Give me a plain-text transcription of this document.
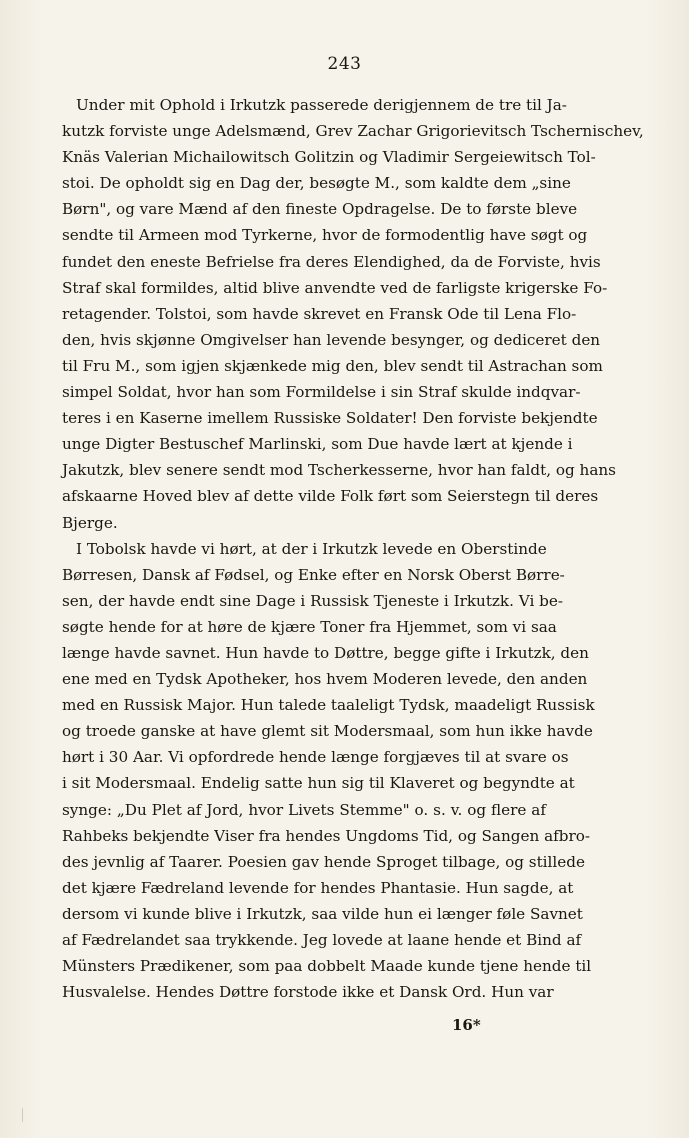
243
Under mit Ophold i Irkutzk passerede derigjennem de tre til Ja-
kutzk forviste unge Adelsmænd, Grev Zachar Grigorievitsch Tschernischev,
Knäs Valerian Michailowitsch Golitzin og Vladimir Sergeiewitsch Tol-
stoi. De opholdt sig en Dag der, besøgte M., som kaldte dem „sine
Børn", og vare Mænd af den fineste Opdragelse. De to første bleve
sendte til Armeen mod Tyrkerne, hvor de formodentlig have søgt og
fundet den eneste Befrielse fra deres Elendighed, da de Forviste, hvis
Straf skal formildes, altid blive anvendte ved de farligste krigerske Fo-
retagender. Tolstoi, som havde skrevet en Fransk Ode til Lena Flo-
den, hvis skjønne Omgivelser han levende besynger, og dediceret den
til Fru M., som igjen skjænkede mig den, blev sendt til Astrachan som
simpel Soldat, hvor han som Formildelse i sin Straf skulde indqvar-
teres i en Kaserne imellem Russiske Soldater! Den forviste bekjendte
unge Digter Bestuschef Marlinski, som Due havde lært at kjende i
Jakutzk, blev senere sendt mod Tscherkesserne, hvor han faldt, og hans
afskaarne Hoved blev af dette vilde Folk ført som Seierstegn til deres
Bjerge.
I Tobolsk havde vi hørt, at der i Irkutzk levede en Oberstinde
Børresen, Dansk af Fødsel, og Enke efter en Norsk Oberst Børre-
sen, der havde endt sine Dage i Russisk Tjeneste i Irkutzk. Vi be-
søgte hende for at høre de kjære Toner fra Hjemmet, som vi saa
længe havde savnet. Hun havde to Døttre, begge gifte i Irkutzk, den
ene med en Tydsk Apotheker, hos hvem Moderen levede, den anden
med en Russisk Major. Hun talede taaleligt Tydsk, maadeligt Russisk
og troede ganske at have glemt sit Modersmaal, som hun ikke havde
hørt i 30 Aar. Vi opfordrede hende længe forgjæves til at svare os
i sit Modersmaal. Endelig satte hun sig til Klaveret og begyndte at
synge: „Du Plet af Jord, hvor Livets Stemme" o. s. v. og flere af
Rahbeks bekjendte Viser fra hendes Ungdoms Tid, og Sangen afbro-
des jevnlig af Taarer. Poesien gav hende Sproget tilbage, og stillede
det kjære Fædreland levende for hendes Phantasie. Hun sagde, at
dersom vi kunde blive i Irkutzk, saa vilde hun ei længer føle Savnet
af Fædrelandet saa trykkende. Jeg lovede at laane hende et Bind af
Münsters Prædikener, som paa dobbelt Maade kunde tjene hende til
Husvalelse. Hendes Døttre forstode ikke et Dansk Ord. Hun var
16*
